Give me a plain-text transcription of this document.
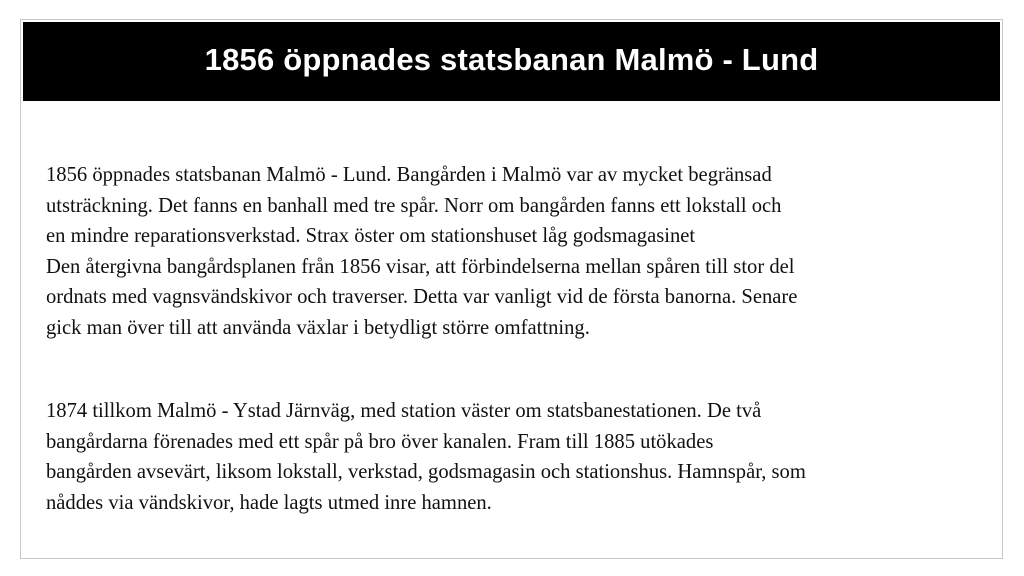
1856 öppnades statsbanan Malmö - Lund
1856 öppnades statsbanan Malmö - Lund. Bangården i Malmö var av mycket begränsad
utsträckning. Det fanns en banhall med tre spår. Norr om bangården fanns ett lokstall och
en mindre reparationsverkstad. Strax öster om stationshuset låg godsmagasinet
Den återgivna bangårdsplanen från 1856 visar, att förbindelserna mellan spåren till stor del
ordnats med vagnsvändskivor och traverser. Detta var vanligt vid de första banorna. Senare
gick man över till att använda växlar i betydligt större omfattning.
1874 tillkom Malmö - Ystad Järnväg, med station väster om statsbanestationen. De två
bangårdarna förenades med ett spår på bro över kanalen. Fram till 1885 utökades
bangården avsevärt, liksom lokstall, verkstad, godsmagasin och stationshus. Hamnspår, som
nåddes via vändskivor, hade lagts utmed inre hamnen.
